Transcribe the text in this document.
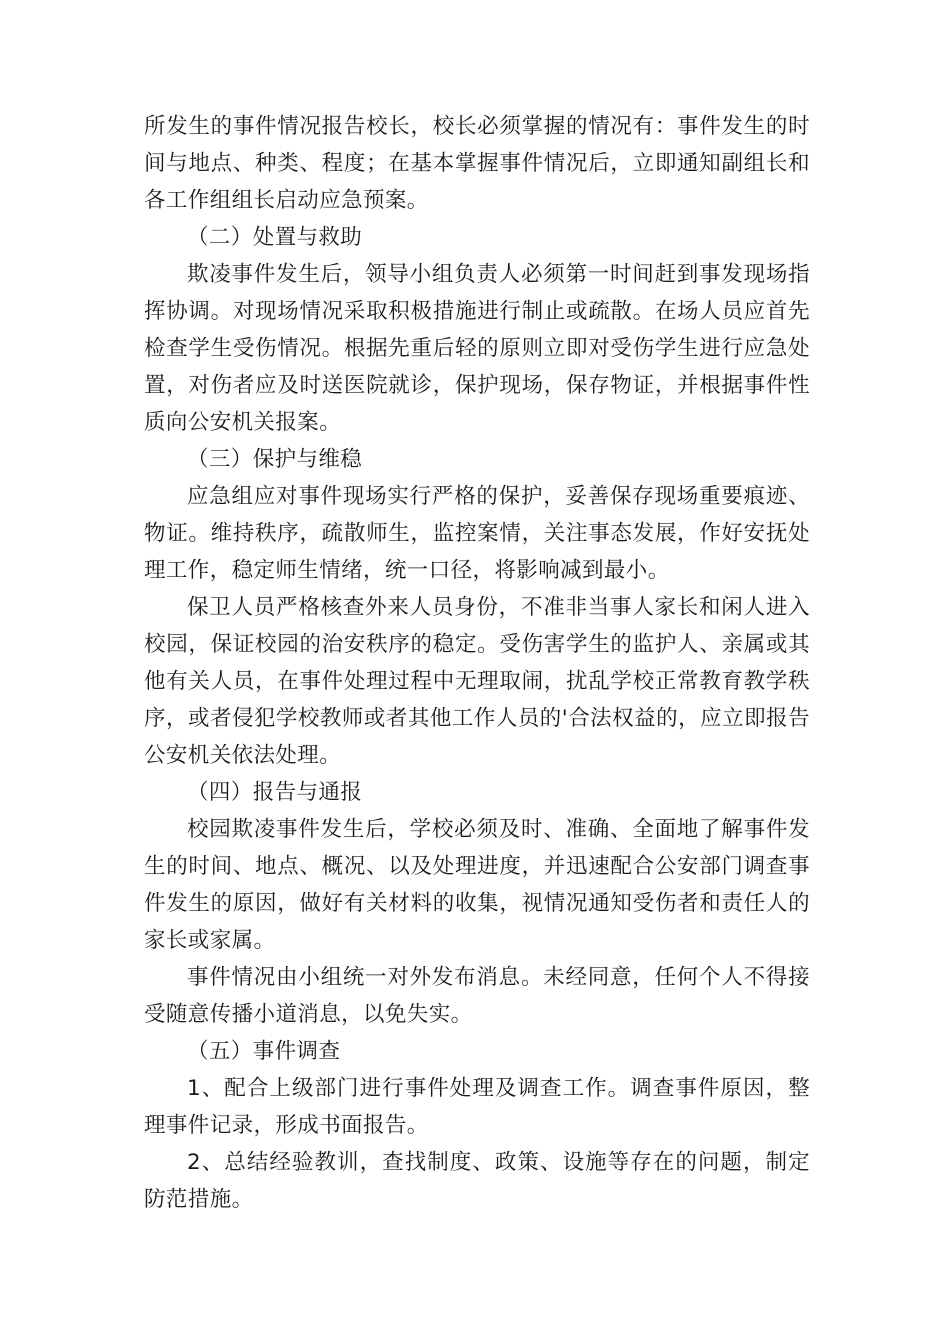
所发生的事件情况报告校长，校长必须掌握的情况有：事件发生的时间与地点、种类、程度；在基本掌握事件情况后，立即通知副组长和各工作组组长启动应急预案。

（二）处置与救助

欺凌事件发生后，领导小组负责人必须第一时间赶到事发现场指挥协调。对现场情况采取积极措施进行制止或疏散。在场人员应首先检查学生受伤情况。根据先重后轻的原则立即对受伤学生进行应急处置，对伤者应及时送医院就诊，保护现场，保存物证，并根据事件性质向公安机关报案。

（三）保护与维稳

应急组应对事件现场实行严格的保护，妥善保存现场重要痕迹、物证。维持秩序，疏散师生，监控案情，关注事态发展，作好安抚处理工作，稳定师生情绪，统一口径，将影响减到最小。

保卫人员严格核查外来人员身份，不准非当事人家长和闲人进入校园，保证校园的治安秩序的稳定。受伤害学生的监护人、亲属或其他有关人员，在事件处理过程中无理取闹，扰乱学校正常教育教学秩序，或者侵犯学校教师或者其他工作人员的'合法权益的，应立即报告公安机关依法处理。

（四）报告与通报

校园欺凌事件发生后，学校必须及时、准确、全面地了解事件发生的时间、地点、概况、以及处理进度，并迅速配合公安部门调查事件发生的原因，做好有关材料的收集，视情况通知受伤者和责任人的家长或家属。

事件情况由小组统一对外发布消息。未经同意，任何个人不得接受随意传播小道消息，以免失实。

（五）事件调查

1、配合上级部门进行事件处理及调查工作。调查事件原因，整理事件记录，形成书面报告。

2、总结经验教训，查找制度、政策、设施等存在的问题，制定防范措施。
